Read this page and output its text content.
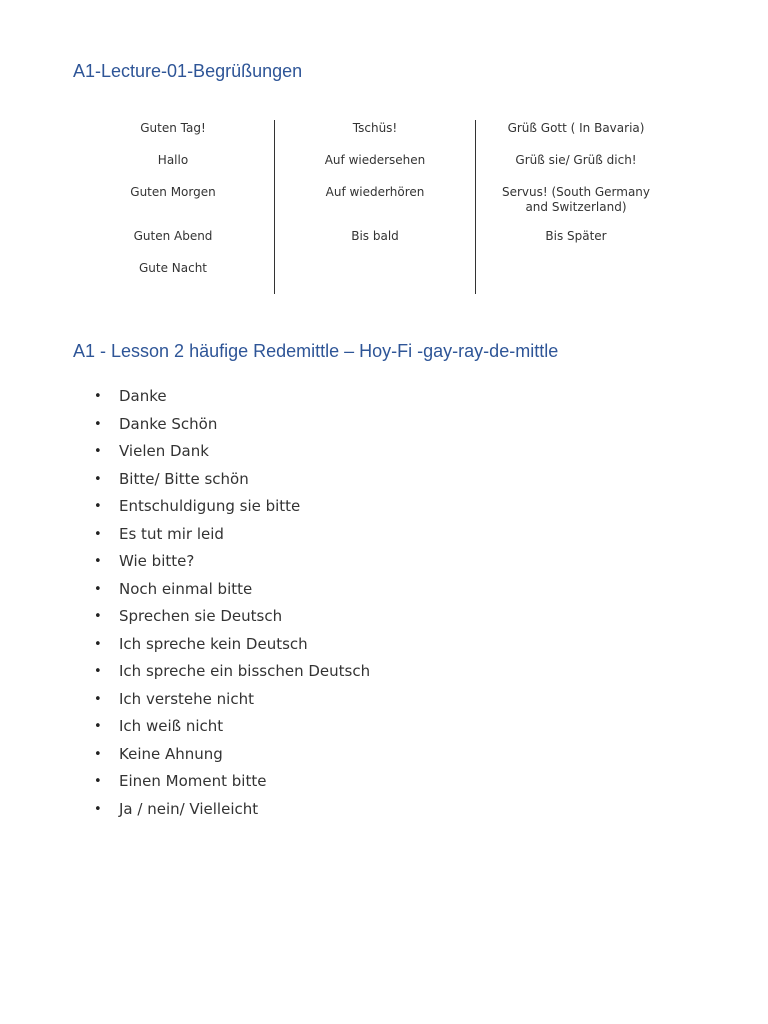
A1-Lecture-01-Begrüßungen
Guten Tag!
Hallo
Guten Morgen
Guten Abend
Gute Nacht
Tschüs!
Auf wiedersehen
Auf wiederhören
Bis bald
Grüß Gott ( In Bavaria)
Grüß sie/ Grüß dich!
Servus! (South Germany
and Switzerland)
Bis Später
A1 - Lesson 2 häufige Redemittle – Hoy-Fi -gay-ray-de-mittle
• Danke
• Danke Schön
• Vielen Dank
• Bitte/ Bitte schön
• Entschuldigung sie bitte
• Es tut mir leid
• Wie bitte?
• Noch einmal bitte
• Sprechen sie Deutsch
• Ich spreche kein Deutsch
• Ich spreche ein bisschen Deutsch
• Ich verstehe nicht
• Ich weiß nicht
• Keine Ahnung
• Einen Moment bitte
• Ja / nein/ Vielleicht
